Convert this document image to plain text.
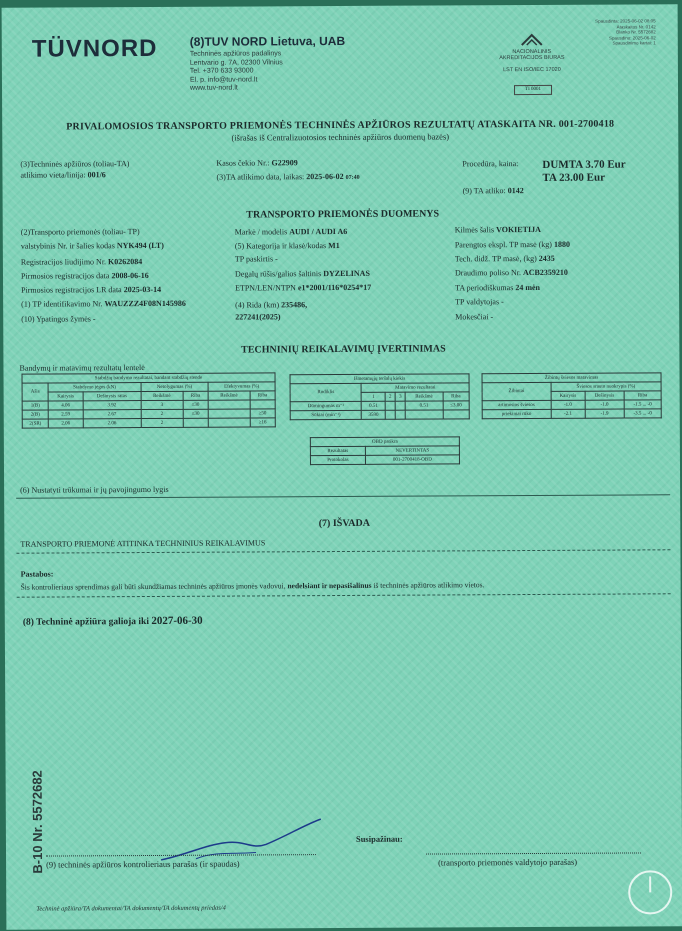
TÜVNORD	(8)TUV NORD Lietuva, UAB
Techninės apžiūros padalinys
Lentvario g. 7A, 02300 Vilnius
Tel. +370 633 93000
El. p. info@tuv-nord.lt
www.tuv-nord.lt
NACIONALINIS
AKREDITACIJOS BIURAS
LST EN ISO/IEC 17020
TI 0001
Spausdinta: 2025-06-02 08:05
Ataskaitos Nr. 0142
Blanko Nr. 5572682
Spausdino: 2025-06-02
Spausdinimo kartai: 1
PRIVALOMOSIOS TRANSPORTO PRIEMONĖS TECHNINĖS APŽIŪROS REZULTATŲ ATASKAITA NR. 001-2700418
(išrašas iš Centralizuotosios techninės apžiūros duomenų bazės)
(3)Techninės apžiūros (toliau-TA)
atlikimo vieta/linija: 001/6
Kasos čekio Nr.: G22909
(3)TA atlikimo data, laikas: 2025-06-02 07:40
Procedūra, kaina: DUMTA 3.70 Eur
TA 23.00 Eur
(9) TA atliko: 0142
TRANSPORTO PRIEMONĖS DUOMENYS
(2)Transporto priemonės (toliau- TP)
valstybinis Nr. ir šalies kodas NYK494 (LT)
Registracijos liudijimo Nr. K0262084
Pirmosios registracijos data 2008-06-16
Pirmosios registracijos LR data 2025-03-14
(1) TP identifikavimo Nr. WAUZZZ4F08N145986
(10) Ypatingos žymės -
Markė / modelis AUDI / AUDI A6
(5) Kategorija ir klasė/kodas M1
TP paskirtis -
Degalų rūšis/galios šaltinis DYZELINAS
ETPN/LEN/NTPN e1*2001/116*0254*17
(4) Rida (km) 235486,
227241(2025)
Kilmės šalis VOKIETIJA
Parengtos ekspl. TP masė (kg) 1880
Tech. didž. TP masė, (kg) 2435
Draudimo poliso Nr. ACB2359210
TA periodiškumas 24 mėn
TP valdytojas -
Mokesčiai -
TECHNINIŲ REIKALAVIMŲ ĮVERTINIMAS
Bandymų ir matavimų rezultatų lentelė
Stabdžių bandymo rezultatai, bandant stabdžių stende						
Ašis	Stabdymo jėgos (kN)		Netolygumas (%)		Efektyvumas (%)	
	Kairysis	Dešinysis ratas	Reikšmė	Riba	Reikšmė	Riba
1(B)	4.06	3.92	3	≤30		
2(B)	2.59	2.67	2	≤30		≥50
2(SR)	2.06	2.06	2			≥16
Išmetamųjų teršalų kiekis					
Rodiklis	Matavimo rezultatai				
	1	2	3	Reikšmė	Riba
Dūmingumas m⁻¹	0.51			0.51	≤3.00
Sūkiai (min⁻¹)	3590				
OBD patikra	
Rezultatas	NEVERTINTAS
Protokolas	001-2700418-OBD
Žibintų šviesos matavimas			
Žibintai	Šviesos srauto nuokrypis (%)		
	Kairysis	Dešinysis	Riba
artimosios šviesos	-1.0	-1.0	-1.5 ... -0
priekiniai rūko	-2.1	-1.9	-3.5 ... -0
(6) Nustatyti trūkumai ir jų pavojingumo lygis
(7) IŠVADA
TRANSPORTO PRIEMONĖ ATITINKA TECHNINIUS REIKALAVIMUS
Pastabos:
Šis kontrolieriaus sprendimas gali būti skundžiamas techninės apžiūros įmonės vadovui, nedelsiant ir nepasišalinus iš techninės apžiūros atlikimo vietos.
(8) Techninė apžiūra galioja iki 2027-06-30
Susipažinau:
(9) techninės apžiūros kontrolieriaus parašas (ir spaudas)	(transporto priemonės valdytojo parašas)
B-10 Nr. 5572682
Techninė apžiūra/TA dokumentai/TA dokumentų/TA dokumentų priedas/4
